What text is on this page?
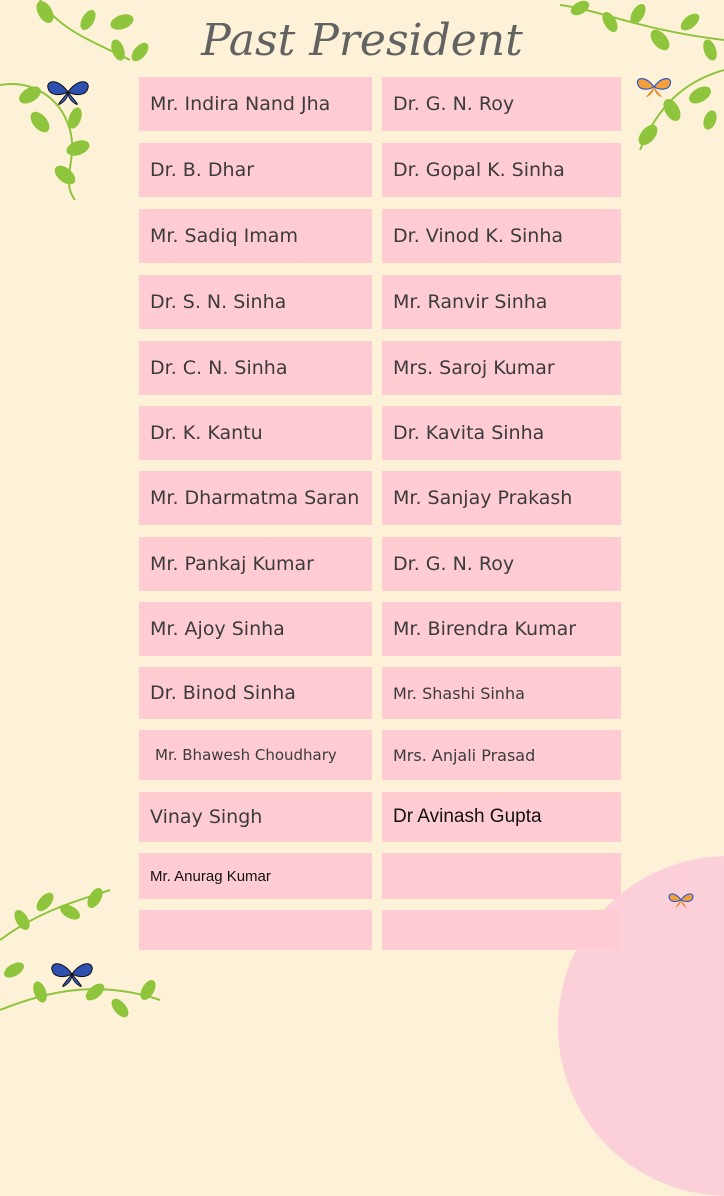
Past President
Mr. Indira Nand Jha
Dr. B. Dhar
Mr. Sadiq Imam
Dr. S. N. Sinha
Dr. C. N. Sinha
Dr. K. Kantu
Mr. Dharmatma Saran
Mr. Pankaj Kumar
Mr. Ajoy Sinha
Dr. Binod Sinha
Mr. Bhawesh Choudhary
Vinay Singh
Mr. Anurag Kumar
Dr. G. N. Roy
Dr. Gopal K. Sinha
Dr. Vinod K. Sinha
Mr. Ranvir Sinha
Mrs. Saroj Kumar
Dr. Kavita Sinha
Mr. Sanjay Prakash
Dr. G. N. Roy
Mr. Birendra Kumar
Mr. Shashi Sinha
Mrs. Anjali Prasad
Dr Avinash Gupta
